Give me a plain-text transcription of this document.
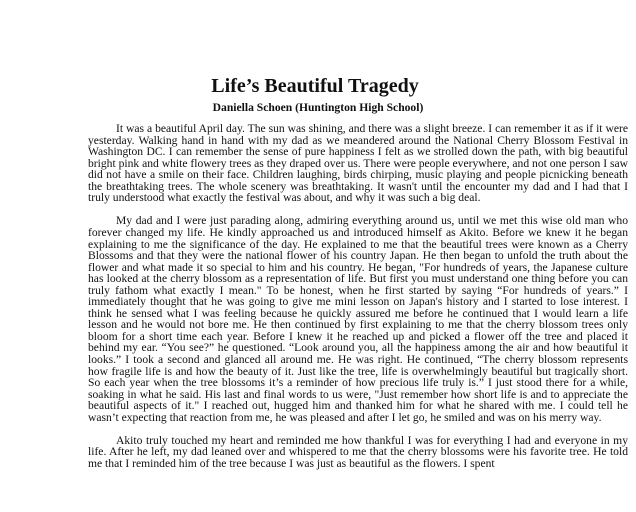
Life’s Beautiful Tragedy
Daniella Schoen (Huntington High School)

It was a beautiful April day. The sun was shining, and there was a slight breeze. I can remember it as if it were yesterday. Walking hand in hand with my dad as we meandered around the National Cherry Blossom Festival in Washington DC. I can remember the sense of pure happiness I felt as we strolled down the path, with big beautiful bright pink and white flowery trees as they draped over us. There were people everywhere, and not one person I saw did not have a smile on their face. Children laughing, birds chirping, music playing and people picnicking beneath the breathtaking trees. The whole scenery was breathtaking. It wasn't until the encounter my dad and I had that I truly understood what exactly the festival was about, and why it was such a big deal.

My dad and I were just parading along, admiring everything around us, until we met this wise old man who forever changed my life. He kindly approached us and introduced himself as Akito. Before we knew it he began explaining to me the significance of the day. He explained to me that the beautiful trees were known as a Cherry Blossoms and that they were the national flower of his country Japan. He then began to unfold the truth about the flower and what made it so special to him and his country. He began, "For hundreds of years, the Japanese culture has looked at the cherry blossom as a representation of life. But first you must understand one thing before you can truly fathom what exactly I mean." To be honest, when he first started by saying “For hundreds of years.” I immediately thought that he was going to give me mini lesson on Japan's history and I started to lose interest. I think he sensed what I was feeling because he quickly assured me before he continued that I would learn a life lesson and he would not bore me. He then continued by first explaining to me that the cherry blossom trees only bloom for a short time each year. Before I knew it he reached up and picked a flower off the tree and placed it behind my ear. “You see?” he questioned. “Look around you, all the happiness among the air and how beautiful it looks.” I took a second and glanced all around me. He was right. He continued, “The cherry blossom represents how fragile life is and how the beauty of it. Just like the tree, life is overwhelmingly beautiful but tragically short. So each year when the tree blossoms it’s a reminder of how precious life truly is.” I just stood there for a while, soaking in what he said. His last and final words to us were, "Just remember how short life is and to appreciate the beautiful aspects of it." I reached out, hugged him and thanked him for what he shared with me. I could tell he wasn’t expecting that reaction from me, he was pleased and after I let go, he smiled and was on his merry way.

Akito truly touched my heart and reminded me how thankful I was for everything I had and everyone in my life. After he left, my dad leaned over and whispered to me that the cherry blossoms were his favorite tree. He told me that I reminded him of the tree because I was just as beautiful as the flowers. I spent
